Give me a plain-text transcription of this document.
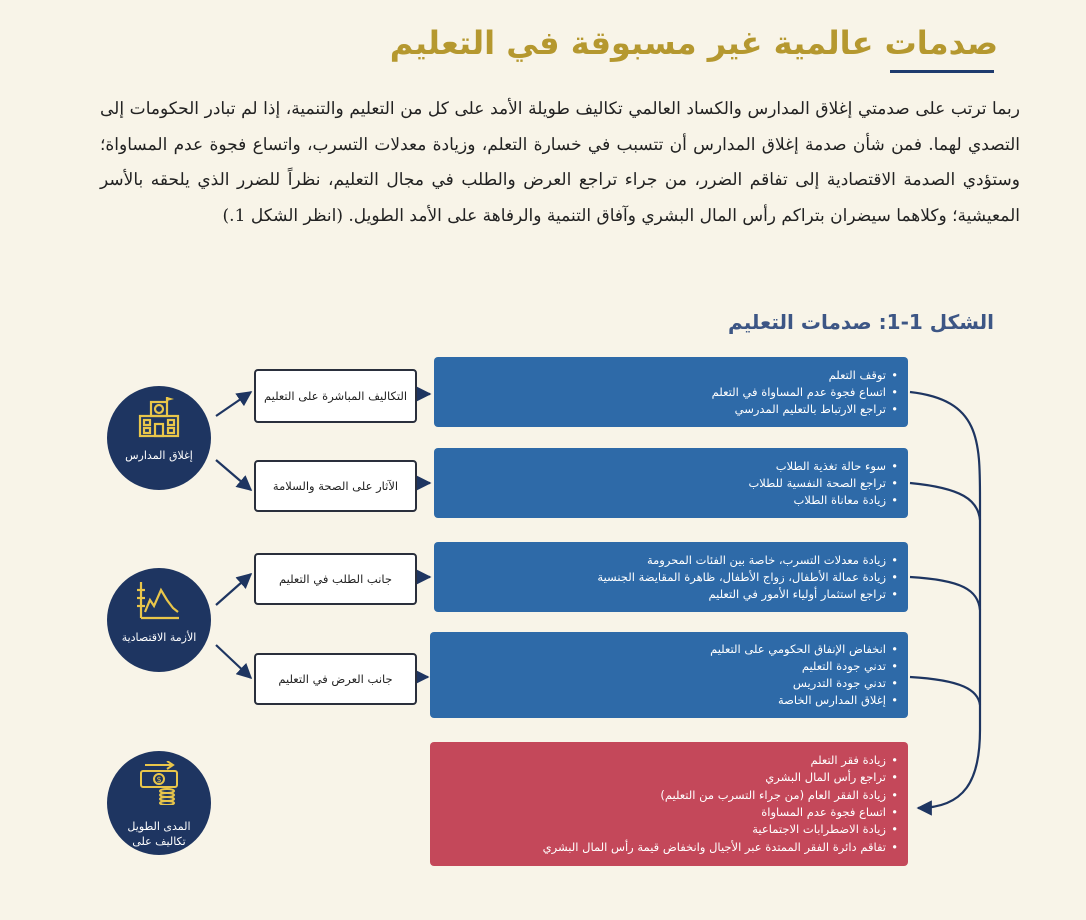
صدمات عالمية غير مسبوقة في التعليم

ربما ترتب على صدمتي إغلاق المدارس والكساد العالمي تكاليف طويلة الأمد على كل من التعليم والتنمية، إذا لم تبادر الحكومات إلى التصدي لهما. فمن شأن صدمة إغلاق المدارس أن تتسبب في خسارة التعلم، وزيادة معدلات التسرب، واتساع فجوة عدم المساواة؛ وستؤدي الصدمة الاقتصادية إلى تفاقم الضرر، من جراء تراجع العرض والطلب في مجال التعليم، نظراً للضرر الذي يلحقه بالأسر المعيشية؛ وكلاهما سيضران بتراكم رأس المال البشري وآفاق التنمية والرفاهة على الأمد الطويل. (انظر الشكل 1.)

الشكل 1-1: صدمات التعليم
إغلاق المدارس
الأزمة الاقتصادية
$
المدى الطويل
تكاليف على
التكاليف المباشرة على التعليم
الآثار على الصحة والسلامة
جانب الطلب في التعليم
جانب العرض في التعليم
• توقف التعلم
• اتساع فجوة عدم المساواة في التعلم
• تراجع الارتباط بالتعليم المدرسي
• سوء حالة تغذية الطلاب
• تراجع الصحة النفسية للطلاب
• زيادة معاناة الطلاب
• زيادة معدلات التسرب، خاصة بين الفئات المحرومة
• زيادة عمالة الأطفال، زواج الأطفال، ظاهرة المقايضة الجنسية
• تراجع استثمار أولياء الأمور في التعليم
• انخفاض الإنفاق الحكومي على التعليم
• تدني جودة التعليم
• تدني جودة التدريس
• إغلاق المدارس الخاصة
• زيادة فقر التعلم
• تراجع رأس المال البشري
• زيادة الفقر العام (من جراء التسرب من التعليم)
• اتساع فجوة عدم المساواة
• زيادة الاضطرابات الاجتماعية
• تفاقم دائرة الفقر الممتدة عبر الأجيال وانخفاض قيمة رأس المال البشري
